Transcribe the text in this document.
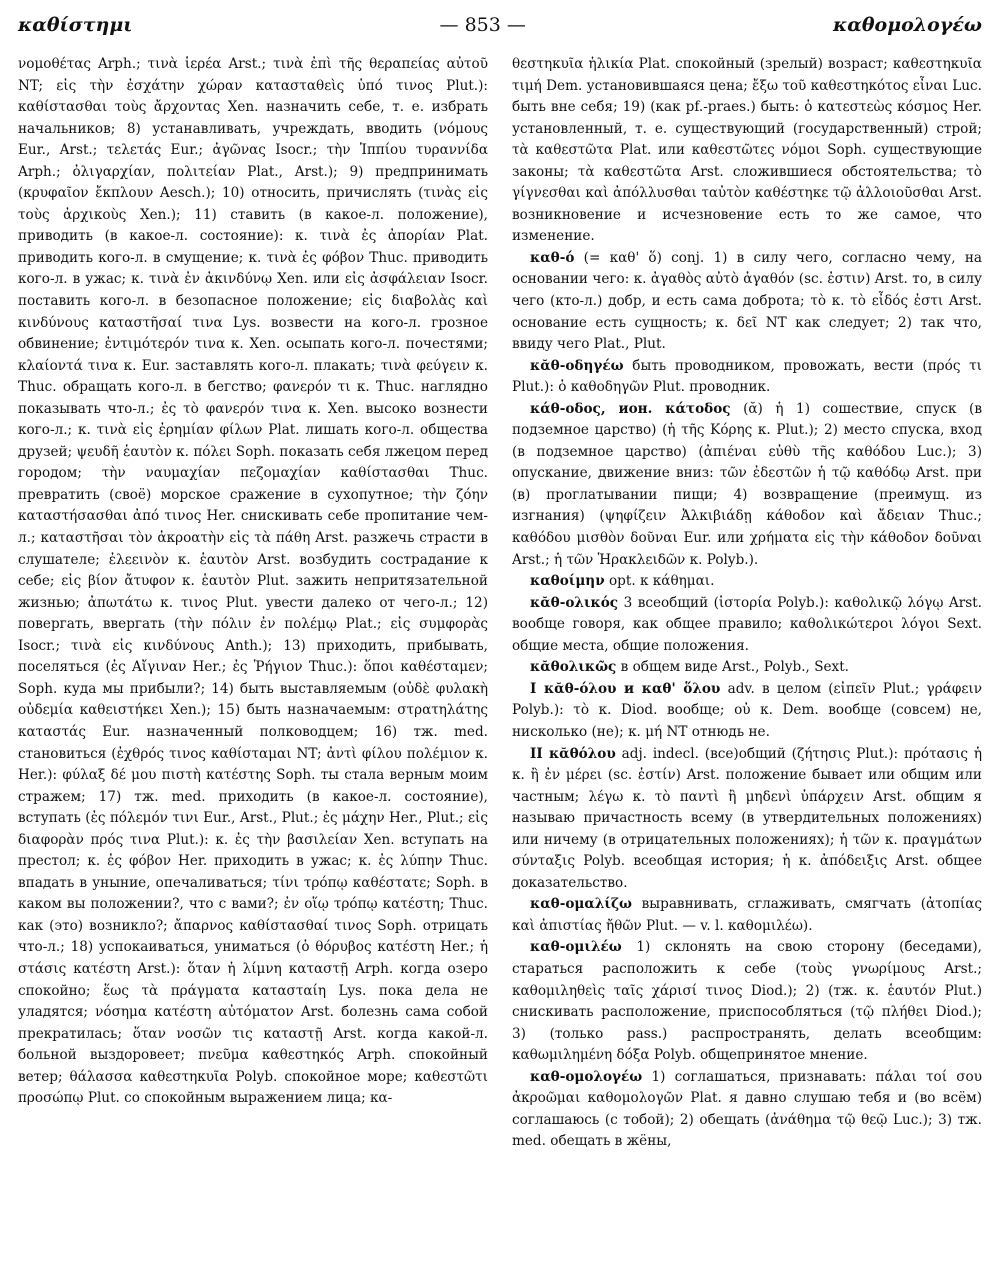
καθίστημι	— 853 —	καθομολογέω

νομοθέτας Arph.; τινὰ ἱερέα Arst.; τινὰ ἐπὶ τῆς θεραπείας αὐτοῦ NT; εἰς τὴν ἐσχάτην χώραν κατασταθεὶς ὑπό τινος Plut.): καθίστασθαι τοὺς ἄρχοντας Xen. назначить себе, т. е. избрать начальников; 8) устанавливать, учреждать, вводить (νόμους Eur., Arst.; τελετάς Eur.; ἀγῶνας Isocr.; τὴν Ἱππίου τυραννίδα Arph.; ὀλιγαρχίαν, πολιτείαν Plat., Arst.); 9) предпринимать (κρυφαῖον ἔκπλουν Aesch.); 10) относить, причислять (τινὰς εἰς τοὺς ἀρχικοὺς Xen.); 11) ставить (в какое-л. положение), приводить (в какое-л. состояние): κ. τινὰ ἐς ἀπορίαν Plat. приводить кого-л. в смущение; κ. τινὰ ἐς φόβον Thuc. приводить кого-л. в ужас; κ. τινὰ ἐν ἀκινδύνῳ Xen. или εἰς ἀσφάλειαν Isocr. поставить кого-л. в безопасное положение; εἰς διαβολὰς καὶ κινδύνους καταστῆσαί τινα Lys. возвести на кого-л. грозное обвинение; ἐντιμότερόν τινα κ. Xen. осыпать кого-л. почестями; κλαίοντά τινα κ. Eur. заставлять кого-л. плакать; τινὰ φεύγειν κ. Thuc. обращать кого-л. в бегство; φανερόν τι κ. Thuc. наглядно показывать что-л.; ἐς τὸ φανερόν τινα κ. Xen. высоко вознести кого-л.; κ. τινὰ εἰς ἐρημίαν φίλων Plat. лишать кого-л. общества друзей; ψευδῆ ἑαυτὸν κ. πόλει Soph. показать себя лжецом перед городом; τὴν ναυμαχίαν πεζομαχίαν καθίστασθαι Thuc. превратить (своё) морское сражение в сухопутное; τὴν ζόην καταστήσασθαι ἀπό τινος Her. снискивать себе пропитание чем-л.; καταστῆσαι τὸν ἀκροατὴν εἰς τὰ πάθη Arst. разжечь страсти в слушателе; ἐλεεινὸν κ. ἑαυτὸν Arst. возбудить сострадание к себе; εἰς βίον ἄτυφον κ. ἑαυτὸν Plut. зажить непритязательной жизнью; ἀπωτάτω κ. τινος Plut. увести далеко от чего-л.; 12) повергать, ввергать (τὴν πόλιν ἐν πολέμῳ Plat.; εἰς συμφορὰς Isocr.; τινὰ εἰς κινδύνους Anth.); 13) приходить, прибывать, поселяться (ἐς Αἴγιναν Her.; ἐς Ῥήγιον Thuc.): ὅποι καθέσταμεν; Soph. куда мы прибыли?; 14) быть выставляемым (οὐδὲ φυλακὴ οὐδεμία καθειστήκει Xen.); 15) быть назначаемым: στρατηλάτης καταστάς Eur. назначенный полководцем; 16) тж. med. становиться (ἐχθρός τινος καθίσταμαι NT; ἀντὶ φίλου πολέμιον κ. Her.): φύλαξ δέ μου πιστὴ κατέστης Soph. ты стала верным моим стражем; 17) тж. med. приходить (в какое-л. состояние), вступать (ἐς πόλεμόν τινι Eur., Arst., Plut.; ἐς μάχην Her., Plut.; εἰς διαφορὰν πρός τινα Plut.): κ. ἐς τὴν βασιλείαν Xen. вступать на престол; κ. ἐς φόβον Her. приходить в ужас; κ. ἐς λύπην Thuc. впадать в уныние, опечаливаться; τίνι τρόπῳ καθέστατε; Soph. в каком вы положении?, что с вами?; ἐν οἵῳ τρόπῳ κατέστη; Thuc. как (это) возникло?; ἄπαρνος καθίστασθαί τινος Soph. отрицать что-л.; 18) успокаиваться, униматься (ὁ θόρυβος κατέστη Her.; ἡ στάσις κατέστη Arst.): ὅταν ἡ λίμνη καταστῇ Arph. когда озеро спокойно; ἕως τὰ πράγματα κατασταίη Lys. пока дела не уладятся; νόσημα κατέστη αὐτόματον Arst. болезнь сама собой прекратилась; ὅταν νοσῶν τις καταστῇ Arst. когда какой-л. больной выздоровеет; πνεῦμα καθεστηκός Arph. спокойный ветер; θάλασσα καθεστηκυῖα Polyb. спокойное море; καθεστῶτι προσώπῳ Plut. со спокойным выражением лица; κα-

θεστηκυῖα ἡλικία Plat. спокойный (зрелый) возраст; καθεστηκυῖα τιμή Dem. установившаяся цена; ἔξω τοῦ καθεστηκότος εἶναι Luc. быть вне себя; 19) (как pf.-praes.) быть: ὁ κατεστεὼς κόσμος Her. установленный, т. е. существующий (государственный) строй; τὰ καθεστῶτα Plat. или καθεστῶτες νόμοι Soph. существующие законы; τὰ καθεστῶτα Arst. сложившиеся обстоятельства; τὸ γίγνεσθαι καὶ ἀπόλλυσθαι ταὐτὸν καθέστηκε τῷ ἀλλοιοῦσθαι Arst. возникновение и исчезновение есть то же самое, что изменение.

καθ-ό (= καθ' ὅ) conj. 1) в силу чего, согласно чему, на основании чего: κ. ἀγαθὸς αὐτὸ ἀγαθόν (sc. ἐστιν) Arst. то, в силу чего (кто-л.) добр, и есть сама доброта; τὸ κ. τὸ εἶδός ἐστι Arst. основание есть сущность; κ. δεῖ NT как следует; 2) так что, ввиду чего Plat., Plut.

κᾰθ-οδηγέω быть проводником, провожать, вести (πρός τι Plut.): ὁ καθοδηγῶν Plut. проводник.

κάθ-οδος, ион. κάτοδος (ᾰ) ἡ 1) сошествие, спуск (в подземное царство) (ἡ τῆς Κόρης κ. Plut.); 2) место спуска, вход (в подземное царство) (ἀπιέναι εὐθὺ τῆς καθόδου Luc.); 3) опускание, движение вниз: τῶν ἐδεστῶν ἡ τῷ καθόδῳ Arst. при (в) проглатывании пищи; 4) возвращение (преимущ. из изгнания) (ψηφίζειν Ἀλκιβιάδῃ κάθοδον καὶ ἄδειαν Thuc.; καθόδου μισθὸν δοῦναι Eur. или χρήματα εἰς τὴν κάθοδον δοῦναι Arst.; ἡ τῶν Ἡρακλειδῶν κ. Polyb.).

καθοίμην opt. к κάθημαι.

κᾰθ-ολικός 3 всеобщий (ἱστορία Polyb.): καθολικῷ λόγῳ Arst. вообще говоря, как общее правило; καθολικώτεροι λόγοι Sext. общие места, общие положения.

κᾰθολικῶς в общем виде Arst., Polyb., Sext.

I κᾰθ-όλου и καθ' ὅλου adv. в целом (εἰπεῖν Plut.; γράφειν Polyb.): τὸ κ. Diod. вообще; οὐ κ. Dem. вообще (совсем) не, нисколько (не); κ. μή NT отнюдь не.

II κᾰθόλου adj. indecl. (все)общий (ζήτησις Plut.): πρότασις ἡ κ. ἢ ἐν μέρει (sc. ἐστίν) Arst. положение бывает или общим или частным; λέγω κ. τὸ παντὶ ἢ μηδενὶ ὑπάρχειν Arst. общим я называю причастность всему (в утвердительных положениях) или ничему (в отрицательных положениях); ἡ τῶν κ. πραγμάτων σύνταξις Polyb. всеобщая история; ἡ κ. ἀπόδειξις Arst. общее доказательство.

καθ-ομαλίζω выравнивать, сглаживать, смягчать (ἀτοπίας καὶ ἀπιστίας ἤθῶν Plut. — v. l. καθομιλέω).

καθ-ομιλέω 1) склонять на свою сторону (беседами), стараться расположить к себе (τοὺς γνωρίμους Arst.; καθομιληθεὶς ταῖς χάρισί τινος Diod.); 2) (тж. κ. ἑαυτόν Plut.) снискивать расположение, приспособляться (τῷ πλήθει Diod.); 3) (только pass.) распространять, делать всеобщим: καθωμιλημένη δόξα Polyb. общепринятое мнение.

καθ-ομολογέω 1) соглашаться, признавать: πάλαι τοί σου ἀκροῶμαι καθομολογῶν Plat. я давно слушаю тебя и (во всём) соглашаюсь (с тобой); 2) обещать (ἀνάθημα τῷ θεῷ Luc.); 3) тж. med. обещать в жёны,
